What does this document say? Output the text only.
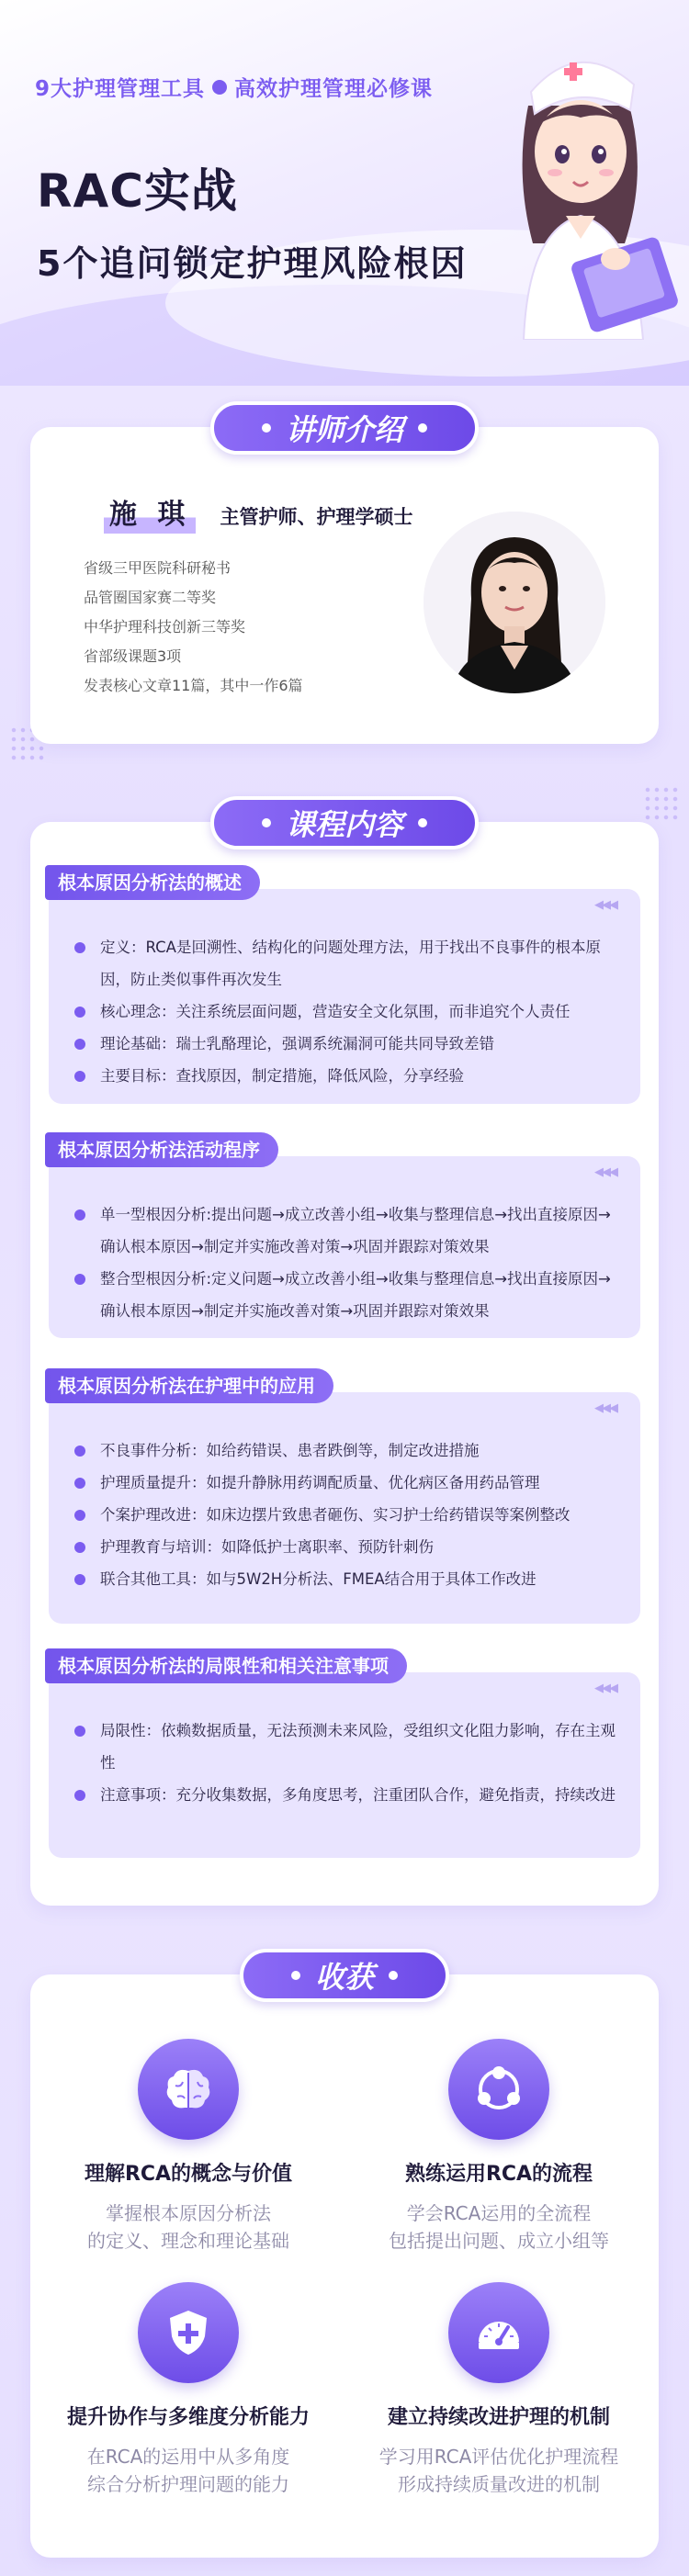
9大护理管理工具 高效护理管理必修课
RAC实战
5个追问锁定护理风险根因
讲师介绍
施 琪 主管护师、护理学硕士
省级三甲医院科研秘书
品管圈国家赛二等奖
中华护理科技创新三等奖
省部级课题3项
发表核心文章11篇，其中一作6篇
课程内容
根本原因分析法的概述
◀◀◀
定义：RCA是回溯性、结构化的问题处理方法，用于找出不良事件的根本原因，防止类似事件再次发生
核心理念：关注系统层面问题，营造安全文化氛围，而非追究个人责任
理论基础：瑞士乳酪理论，强调系统漏洞可能共同导致差错
主要目标：查找原因，制定措施，降低风险，分享经验
根本原因分析法活动程序
◀◀◀
单一型根因分析:提出问题→成立改善小组→收集与整理信息→找出直接原因→确认根本原因→制定并实施改善对策→巩固并跟踪对策效果
整合型根因分析:定义问题→成立改善小组→收集与整理信息→找出直接原因→确认根本原因→制定并实施改善对策→巩固并跟踪对策效果
根本原因分析法在护理中的应用
◀◀◀
不良事件分析：如给药错误、患者跌倒等，制定改进措施
护理质量提升：如提升静脉用药调配质量、优化病区备用药品管理
个案护理改进：如床边摆片致患者砸伤、实习护士给药错误等案例整改
护理教育与培训：如降低护士离职率、预防针刺伤
联合其他工具：如与5W2H分析法、FMEA结合用于具体工作改进
根本原因分析法的局限性和相关注意事项
◀◀◀
局限性：依赖数据质量，无法预测未来风险，受组织文化阻力影响，存在主观性
注意事项：充分收集数据，多角度思考，注重团队合作，避免指责，持续改进
收获
理解RCA的概念与价值
掌握根本原因分析法
的定义、理念和理论基础
熟练运用RCA的流程
学会RCA运用的全流程
包括提出问题、成立小组等
提升协作与多维度分析能力
在RCA的运用中从多角度
综合分析护理问题的能力
建立持续改进护理的机制
学习用RCA评估优化护理流程
形成持续质量改进的机制
